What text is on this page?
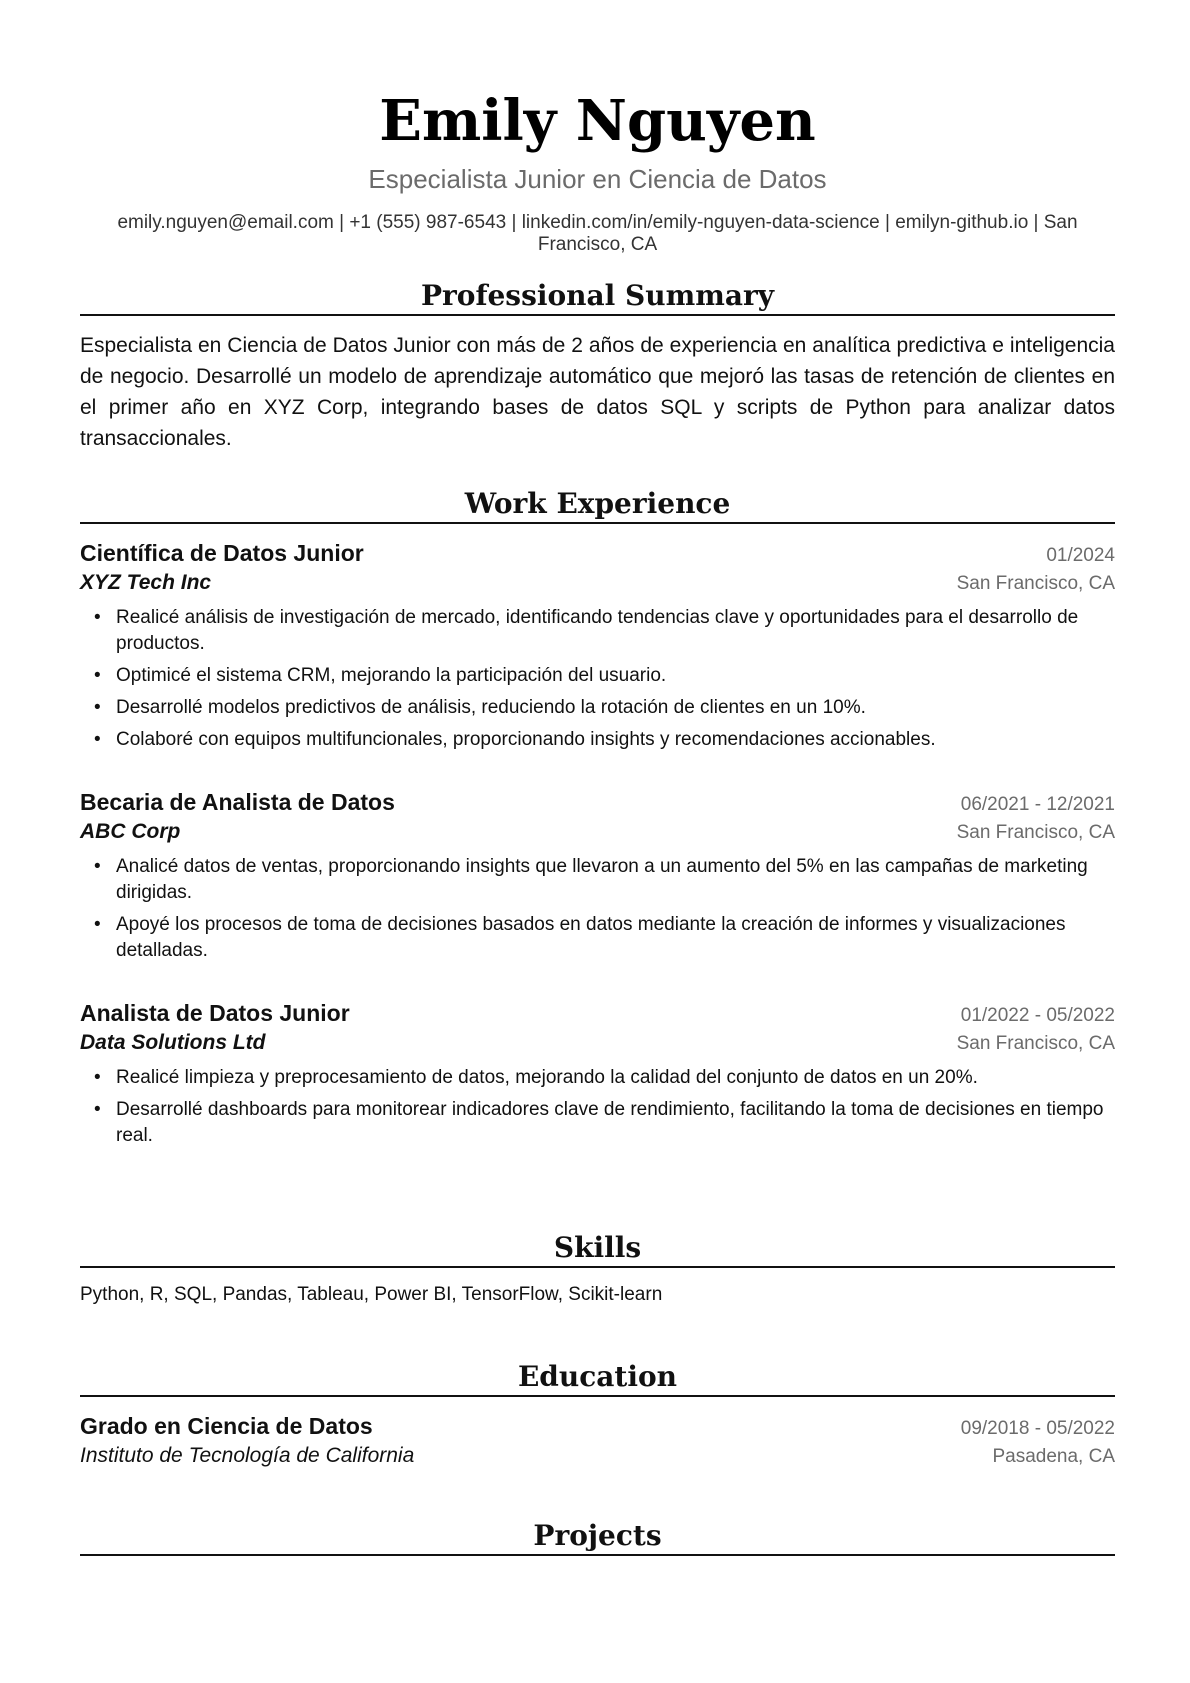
Emily Nguyen
Especialista Junior en Ciencia de Datos
emily.nguyen@email.com | +1 (555) 987-6543 | linkedin.com/in/emily-nguyen-data-science | emilyn-github.io | San Francisco, CA
Professional Summary
Especialista en Ciencia de Datos Junior con más de 2 años de experiencia en analítica predictiva e inteligencia de negocio. Desarrollé un modelo de aprendizaje automático que mejoró las tasas de retención de clientes en el primer año en XYZ Corp, integrando bases de datos SQL y scripts de Python para analizar datos transaccionales.
Work Experience
Científica de Datos Junior	01/2024
XYZ Tech Inc	San Francisco, CA
• Realicé análisis de investigación de mercado, identificando tendencias clave y oportunidades para el desarrollo de productos.
• Optimicé el sistema CRM, mejorando la participación del usuario.
• Desarrollé modelos predictivos de análisis, reduciendo la rotación de clientes en un 10%.
• Colaboré con equipos multifuncionales, proporcionando insights y recomendaciones accionables.
Becaria de Analista de Datos	06/2021 - 12/2021
ABC Corp	San Francisco, CA
• Analicé datos de ventas, proporcionando insights que llevaron a un aumento del 5% en las campañas de marketing dirigidas.
• Apoyé los procesos de toma de decisiones basados en datos mediante la creación de informes y visualizaciones detalladas.
Analista de Datos Junior	01/2022 - 05/2022
Data Solutions Ltd	San Francisco, CA
• Realicé limpieza y preprocesamiento de datos, mejorando la calidad del conjunto de datos en un 20%.
• Desarrollé dashboards para monitorear indicadores clave de rendimiento, facilitando la toma de decisiones en tiempo real.
Skills
Python, R, SQL, Pandas, Tableau, Power BI, TensorFlow, Scikit-learn
Education
Grado en Ciencia de Datos	09/2018 - 05/2022
Instituto de Tecnología de California	Pasadena, CA
Projects
